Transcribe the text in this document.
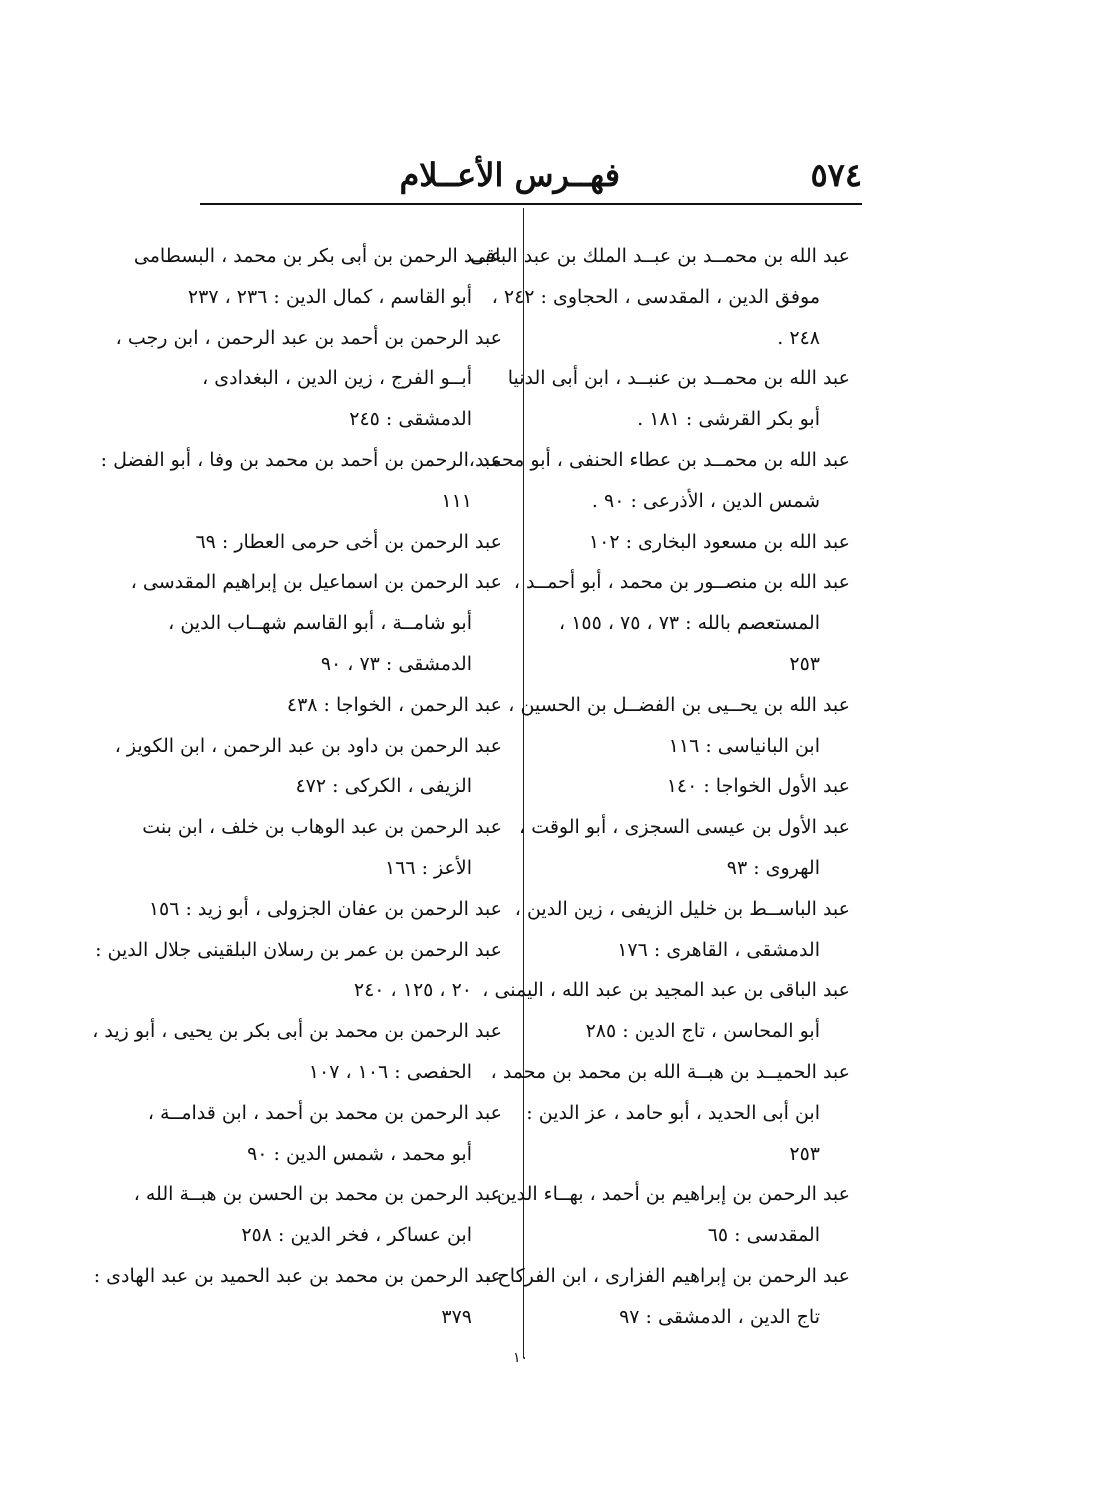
٥٧٤
فهــرس الأعــلام
عبد الله بن محمــد بن عبــد الملك بن عبد الباقى
موفق الدين ، المقدسى ، الحجاوى : ٢٤٢ ،
٢٤٨ .
عبد الله بن محمــد بن عنبــد ، ابن أبى الدنيا
أبو بكر القرشى : ١٨١ .
عبد الله بن محمــد بن عطاء الحنفى ، أبو محمد ،
شمس الدين ، الأذرعى : ٩٠ .
عبد الله بن مسعود البخارى : ١٠٢
عبد الله بن منصــور بن محمد ، أبو أحمــد ،
المستعصم بالله : ٧٣ ، ٧٥ ، ١٥٥ ،
٢٥٣
عبد الله بن يحــيى بن الفضــل بن الحسين ،
ابن البانياسى : ١١٦
عبد الأول الخواجا : ١٤٠
عبد الأول بن عيسى السجزى ، أبو الوقت ،
الهروى : ٩٣
عبد الباســط بن خليل الزيفى ، زين الدين ،
الدمشقى ، القاهرى : ١٧٦
عبد الباقى بن عبد المجيد بن عبد الله ، اليمنى ،
أبو المحاسن ، تاج الدين : ٢٨٥
عبد الحميــد بن هبــة الله بن محمد بن محمد ،
ابن أبى الحديد ، أبو حامد ، عز الدين :
٢٥٣
عبد الرحمن بن إبراهيم بن أحمد ، بهــاء الدين
المقدسى : ٦٥
عبد الرحمن بن إبراهيم الفزارى ، ابن الفركاح ،
تاج الدين ، الدمشقى : ٩٧
عبــد الرحمن بن أبى بكر بن محمد ، البسطامى
أبو القاسم ، كمال الدين : ٢٣٦ ، ٢٣٧
عبد الرحمن بن أحمد بن عبد الرحمن ، ابن رجب ،
أبــو الفرج ، زين الدين ، البغدادى ،
الدمشقى : ٢٤٥
عبد الرحمن بن أحمد بن محمد بن وفا ، أبو الفضل :
١١١
عبد الرحمن بن أخى حرمى العطار : ٦٩
عبد الرحمن بن اسماعيل بن إبراهيم المقدسى ،
أبو شامــة ، أبو القاسم شهــاب الدين ،
الدمشقى : ٧٣ ، ٩٠
عبد الرحمن ، الخواجا : ٤٣٨
عبد الرحمن بن داود بن عبد الرحمن ، ابن الكويز ،
الزيفى ، الكركى : ٤٧٢
عبد الرحمن بن عبد الوهاب بن خلف ، ابن بنت
الأعز : ١٦٦
عبد الرحمن بن عفان الجزولى ، أبو زيد : ١٥٦
عبد الرحمن بن عمر بن رسلان البلقينى جلال الدين :
٢٠ ، ١٢٥ ، ٢٤٠
عبد الرحمن بن محمد بن أبى بكر بن يحيى ، أبو زيد ،
الحفصى : ١٠٦ ، ١٠٧
عبد الرحمن بن محمد بن أحمد ، ابن قدامــة ،
أبو محمد ، شمس الدين : ٩٠
عبد الرحمن بن محمد بن الحسن بن هبــة الله ،
ابن عساكر ، فخر الدين : ٢٥٨
عبد الرحمن بن محمد بن عبد الحميد بن عبد الهادى :
٣٧٩
١٠
